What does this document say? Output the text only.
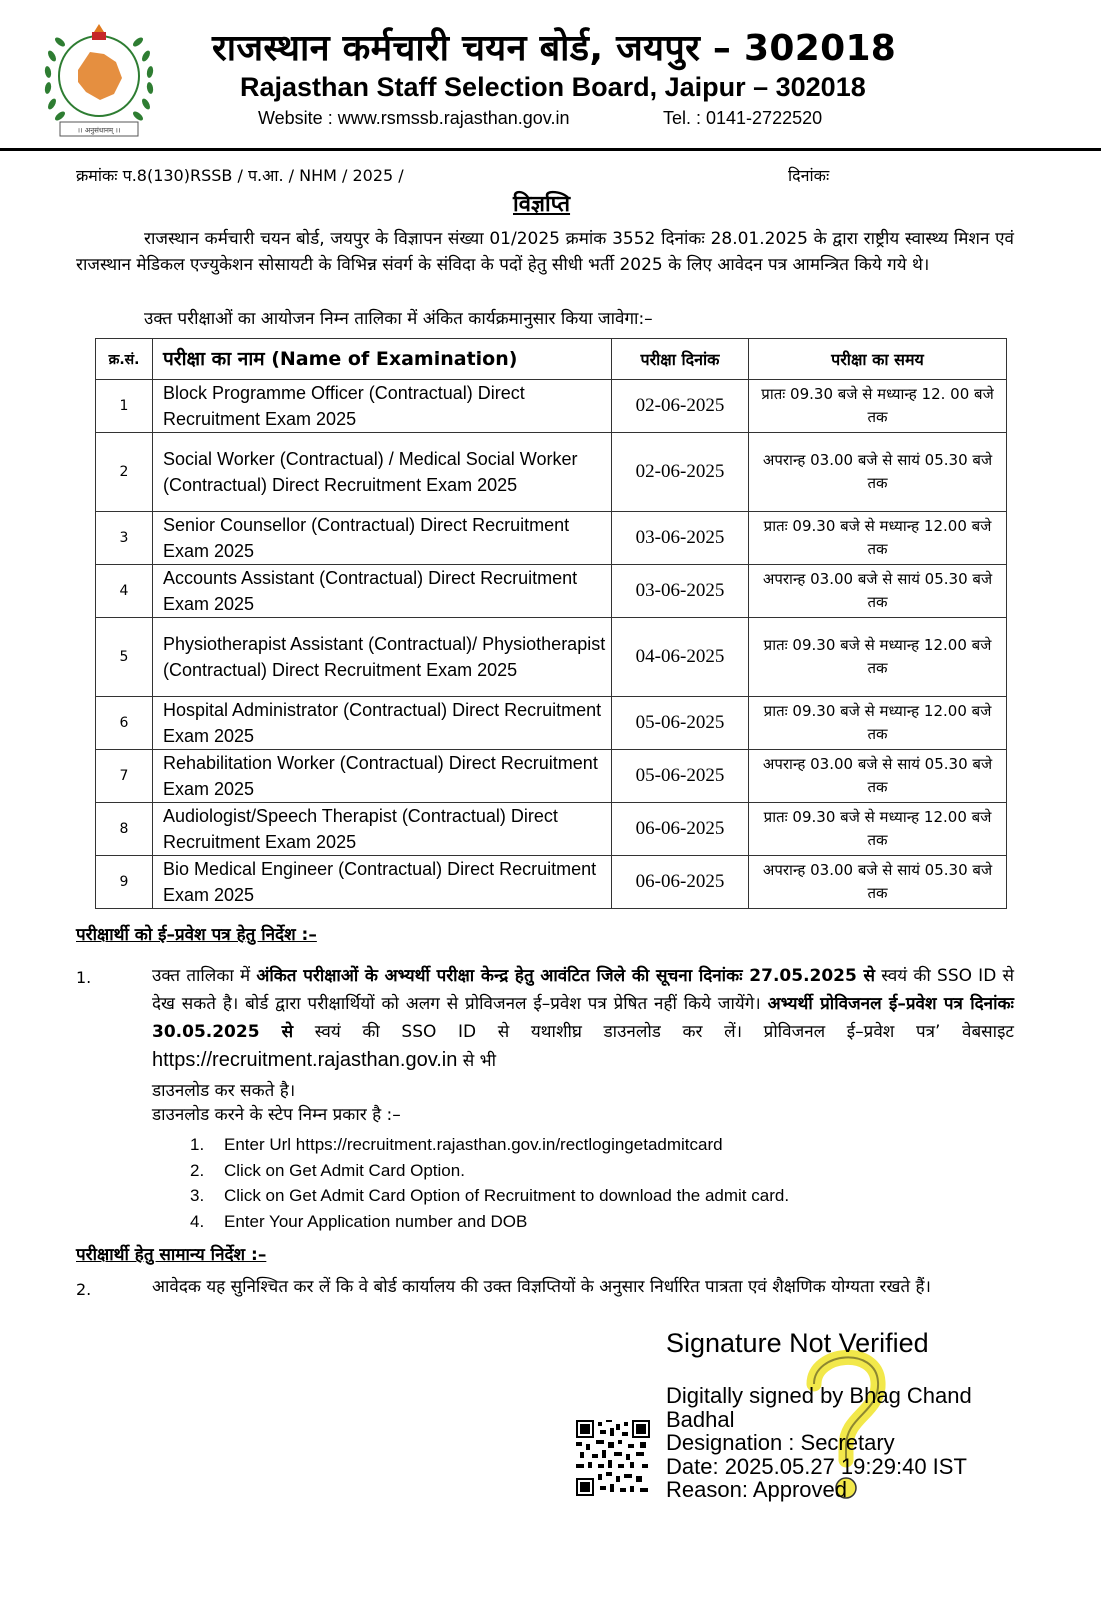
।। अनुसंधानम् ।।
राजस्थान कर्मचारी चयन बोर्ड, जयपुर – 302018
Rajasthan Staff Selection Board, Jaipur – 302018
Website : www.rsmssb.rajasthan.gov.in	Tel. : 0141-2722520
क्रमांकः प.8(130)RSSB / प.आ. / NHM / 2025 /	दिनांकः
विज्ञप्ति
राजस्थान कर्मचारी चयन बोर्ड, जयपुर के विज्ञापन संख्या 01/2025 क्रमांक 3552 दिनांकः 28.01.2025 के द्वारा राष्ट्रीय स्वास्थ्य मिशन एवं राजस्थान मेडिकल एज्युकेशन सोसायटी के विभिन्न संवर्ग के संविदा के पदों हेतु सीधी भर्ती 2025 के लिए आवेदन पत्र आमन्त्रित किये गये थे।
उक्त परीक्षाओं का आयोजन निम्न तालिका में अंकित कार्यक्रमानुसार किया जावेगा:–
क्र.सं.	परीक्षा का नाम (Name of Examination)	परीक्षा दिनांक	परीक्षा का समय
1	Block Programme Officer (Contractual) Direct Recruitment Exam 2025	02-06-2025	प्रातः 09.30 बजे से मध्यान्ह 12. 00 बजे तक
2	Social Worker (Contractual) / Medical Social Worker (Contractual) Direct Recruitment Exam 2025	02-06-2025	अपरान्ह 03.00 बजे से सायं 05.30 बजे तक
3	Senior Counsellor (Contractual) Direct Recruitment Exam 2025	03-06-2025	प्रातः 09.30 बजे से मध्यान्ह 12.00 बजे तक
4	Accounts Assistant (Contractual) Direct Recruitment Exam 2025	03-06-2025	अपरान्ह 03.00 बजे से सायं 05.30 बजे तक
5	Physiotherapist Assistant (Contractual)/ Physiotherapist (Contractual) Direct Recruitment Exam 2025	04-06-2025	प्रातः 09.30 बजे से मध्यान्ह 12.00 बजे तक
6	Hospital Administrator (Contractual) Direct Recruitment Exam 2025	05-06-2025	प्रातः 09.30 बजे से मध्यान्ह 12.00 बजे तक
7	Rehabilitation Worker (Contractual) Direct Recruitment Exam 2025	05-06-2025	अपरान्ह 03.00 बजे से सायं 05.30 बजे तक
8	Audiologist/Speech Therapist (Contractual) Direct Recruitment Exam 2025	06-06-2025	प्रातः 09.30 बजे से मध्यान्ह 12.00 बजे तक
9	Bio Medical Engineer (Contractual) Direct Recruitment Exam 2025	06-06-2025	अपरान्ह 03.00 बजे से सायं 05.30 बजे तक
परीक्षार्थी को ई–प्रवेश पत्र हेतु निर्देश :–
1.	उक्त तालिका में अंकित परीक्षाओं के अभ्यर्थी परीक्षा केन्द्र हेतु आवंटित जिले की सूचना दिनांकः 27.05.2025 से स्वयं की SSO ID से देख सकते है। बोर्ड द्वारा परीक्षार्थियों को अलग से प्रोविजनल ई–प्रवेश पत्र प्रेषित नहीं किये जायेंगे। अभ्यर्थी प्रोविजनल ई–प्रवेश पत्र दिनांकः 30.05.2025 से स्वयं की SSO ID से यथाशीघ्र डाउनलोड कर लें। प्रोविजनल ई–प्रवेश पत्र’ वेबसाइट https://recruitment.rajasthan.gov.in से भी
डाउनलोड कर सकते है।
डाउनलोड करने के स्टेप निम्न प्रकार है :–
1. Enter Url https://recruitment.rajasthan.gov.in/rectlogingetadmitcard
2. Click on Get Admit Card Option.
3. Click on Get Admit Card Option of Recruitment to download the admit card.
4. Enter Your Application number and DOB
परीक्षार्थी हेतु सामान्य निर्देश :–
2.	आवेदक यह सुनिश्चित कर लें कि वे बोर्ड कार्यालय की उक्त विज्ञप्तियों के अनुसार निर्धारित पात्रता एवं शैक्षणिक योग्यता रखते हैं।
Signature Not Verified
Digitally signed by Bhag Chand
Badhal
Designation : Secretary
Date: 2025.05.27 19:29:40 IST
Reason: Approved
